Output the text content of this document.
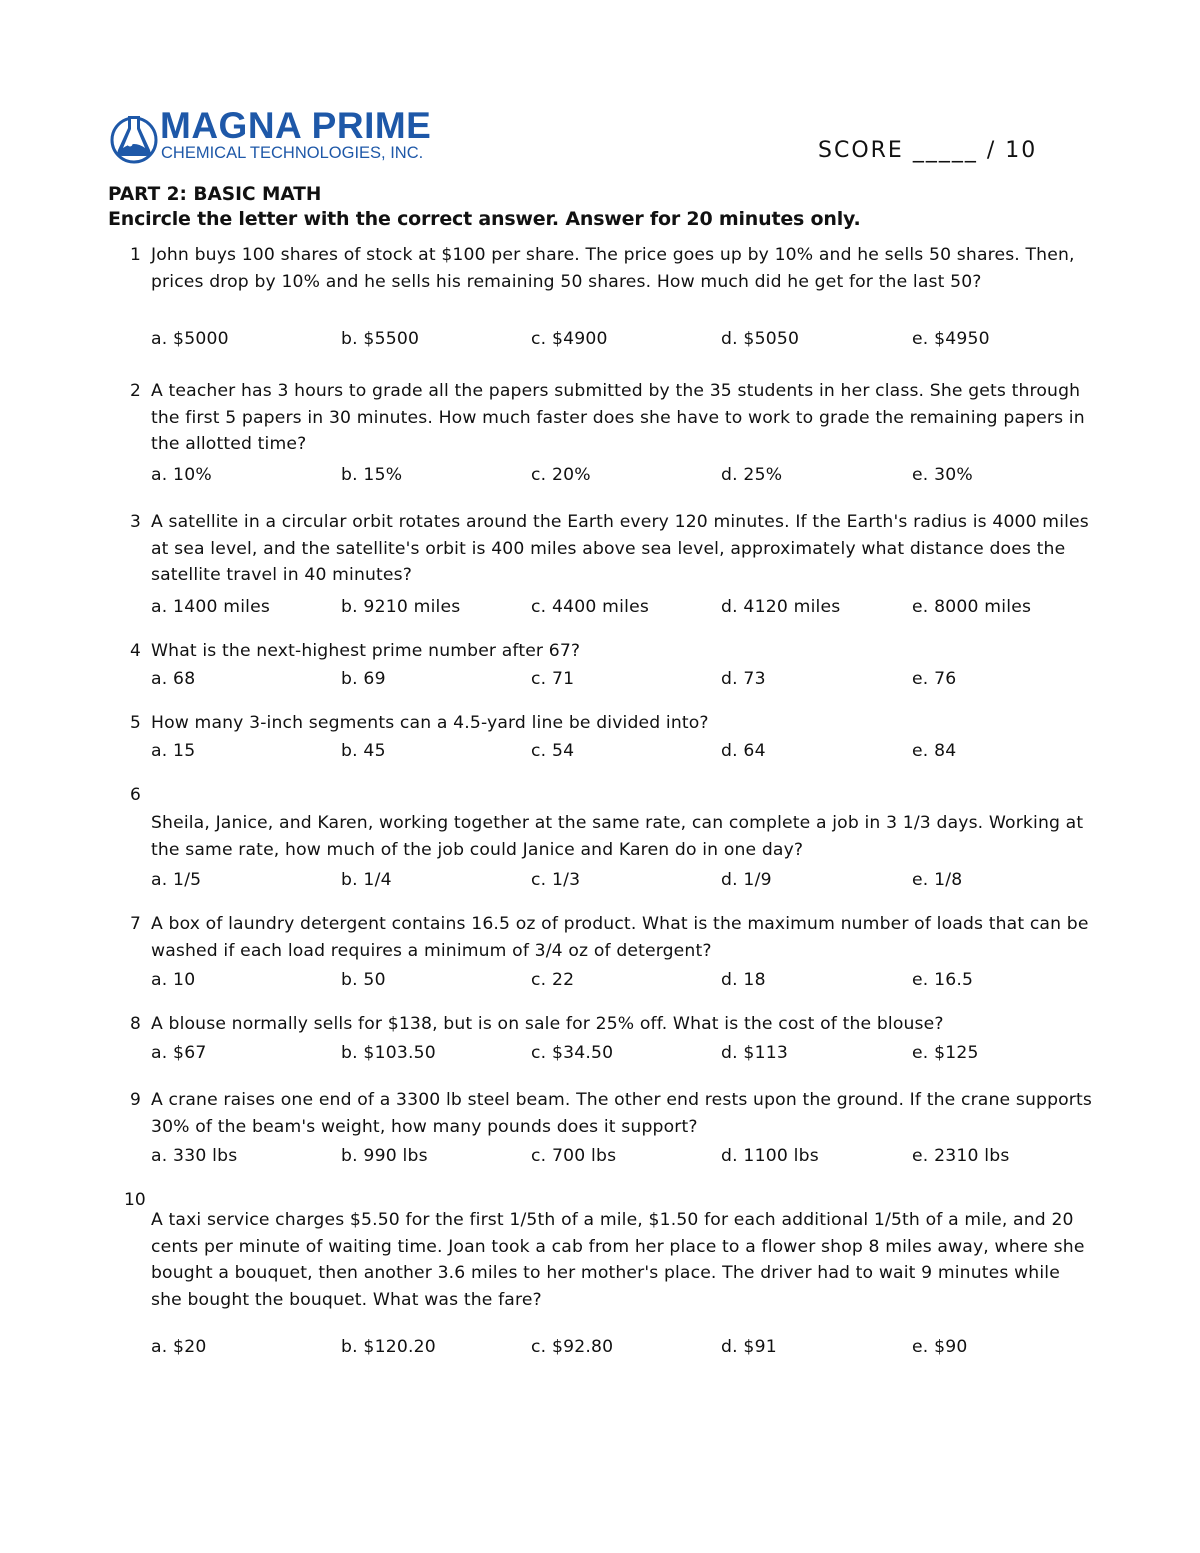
MAGNA PRIME
CHEMICAL TECHNOLOGIES, INC.	SCORE _____ / 10
PART 2: BASIC MATH
Encircle the letter with the correct answer. Answer for 20 minutes only.
1 John buys 100 shares of stock at $100 per share. The price goes up by 10% and he sells 50 shares. Then, prices drop by 10% and he sells his remaining 50 shares. How much did he get for the last 50?
a. $5000	b. $5500	c. $4900	d. $5050	e. $4950
2 A teacher has 3 hours to grade all the papers submitted by the 35 students in her class. She gets through the first 5 papers in 30 minutes. How much faster does she have to work to grade the remaining papers in the allotted time?
a. 10%	b. 15%	c. 20%	d. 25%	e. 30%
3 A satellite in a circular orbit rotates around the Earth every 120 minutes. If the Earth's radius is 4000 miles at sea level, and the satellite's orbit is 400 miles above sea level, approximately what distance does the satellite travel in 40 minutes?
a. 1400 miles	b. 9210 miles	c. 4400 miles	d. 4120 miles	e. 8000 miles
4 What is the next-highest prime number after 67?
a. 68	b. 69	c. 71	d. 73	e. 76
5 How many 3-inch segments can a 4.5-yard line be divided into?
a. 15	b. 45	c. 54	d. 64	e. 84
6
Sheila, Janice, and Karen, working together at the same rate, can complete a job in 3 1/3 days. Working at the same rate, how much of the job could Janice and Karen do in one day?
a. 1/5	b. 1/4	c. 1/3	d. 1/9	e. 1/8
7 A box of laundry detergent contains 16.5 oz of product. What is the maximum number of loads that can be washed if each load requires a minimum of 3/4 oz of detergent?
a. 10	b. 50	c. 22	d. 18	e. 16.5
8 A blouse normally sells for $138, but is on sale for 25% off. What is the cost of the blouse?
a. $67	b. $103.50	c. $34.50	d. $113	e. $125
9 A crane raises one end of a 3300 lb steel beam. The other end rests upon the ground. If the crane supports 30% of the beam's weight, how many pounds does it support?
a. 330 lbs	b. 990 lbs	c. 700 lbs	d. 1100 lbs	e. 2310 lbs
10
A taxi service charges $5.50 for the first 1/5th of a mile, $1.50 for each additional 1/5th of a mile, and 20 cents per minute of waiting time. Joan took a cab from her place to a flower shop 8 miles away, where she bought a bouquet, then another 3.6 miles to her mother's place. The driver had to wait 9 minutes while she bought the bouquet. What was the fare?
a. $20	b. $120.20	c. $92.80	d. $91	e. $90
